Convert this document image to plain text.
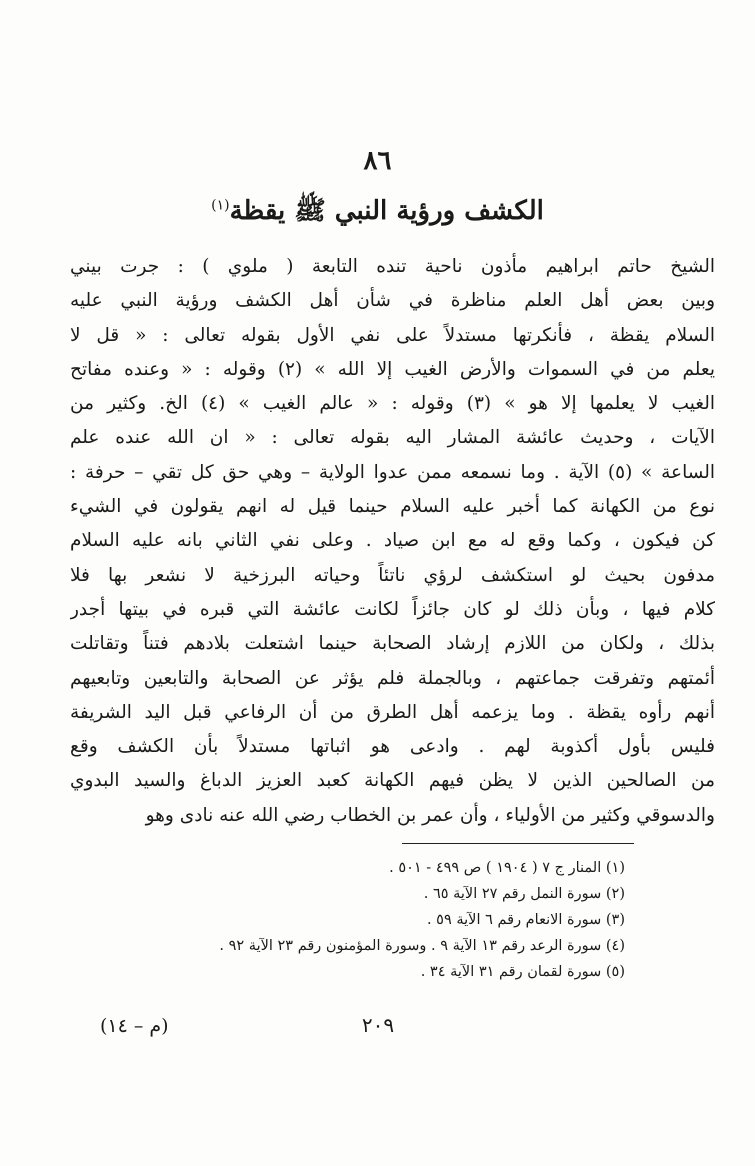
٨٦
الكشف ورؤية النبي ﷺ يقظة$^{(١)}$
الشيخ حاتم ابراهيم مأذون ناحية تنده التابعة ( ملوي ) : جرت بيني
وبين بعض أهل العلم مناظرة في شأن أهل الكشف ورؤية النبي عليه
السلام يقظة ، فأنكرتها مستدلاً على نفي الأول بقوله تعالى : « قل لا
يعلم من في السموات والأرض الغيب إلا الله » (٢) وقوله : « وعنده مفاتح
الغيب لا يعلمها إلا هو » (٣) وقوله : « عالم الغيب » (٤) الخ. وكثير من
الآيات ، وحديث عائشة المشار اليه بقوله تعالى : « ان الله عنده علم
الساعة » (٥) الآية . وما نسمعه ممن عدوا الولاية – وهي حق كل تقي – حرفة :
نوع من الكهانة كما أخبر عليه السلام حينما قيل له انهم يقولون في الشيء
كن فيكون ، وكما وقع له مع ابن صياد . وعلى نفي الثاني بانه عليه السلام
مدفون بحيث لو استكشف لرؤي ناتئاً وحياته البرزخية لا نشعر بها فلا
كلام فيها ، وبأن ذلك لو كان جائزاً لكانت عائشة التي قبره في بيتها أجدر
بذلك ، ولكان من اللازم إرشاد الصحابة حينما اشتعلت بلادهم فتناً وتقاتلت
أئمتهم وتفرقت جماعتهم ، وبالجملة فلم يؤثر عن الصحابة والتابعين وتابعيهم
أنهم رأوه يقظة . وما يزعمه أهل الطرق من أن الرفاعي قبل اليد الشريفة
فليس بأول أكذوبة لهم . وادعى هو اثباتها مستدلاً بأن الكشف وقع
من الصالحين الذين لا يظن فيهم الكهانة كعبد العزيز الدباغ والسيد البدوي
والدسوقي وكثير من الأولياء ، وأن عمر بن الخطاب رضي الله عنه نادى وهو
(١) المنار ج ٧ ( ١٩٠٤ ) ص ٤٩٩ - ٥٠١ .
(٢) سورة النمل رقم ٢٧ الآية ٦٥ .
(٣) سورة الانعام رقم ٦ الآية ٥٩ .
(٤) سورة الرعد رقم ١٣ الآية ٩ . وسورة المؤمنون رقم ٢٣ الآية ٩٢ .
(٥) سورة لقمان رقم ٣١ الآية ٣٤ .
٢٠٩
(م – ١٤)
